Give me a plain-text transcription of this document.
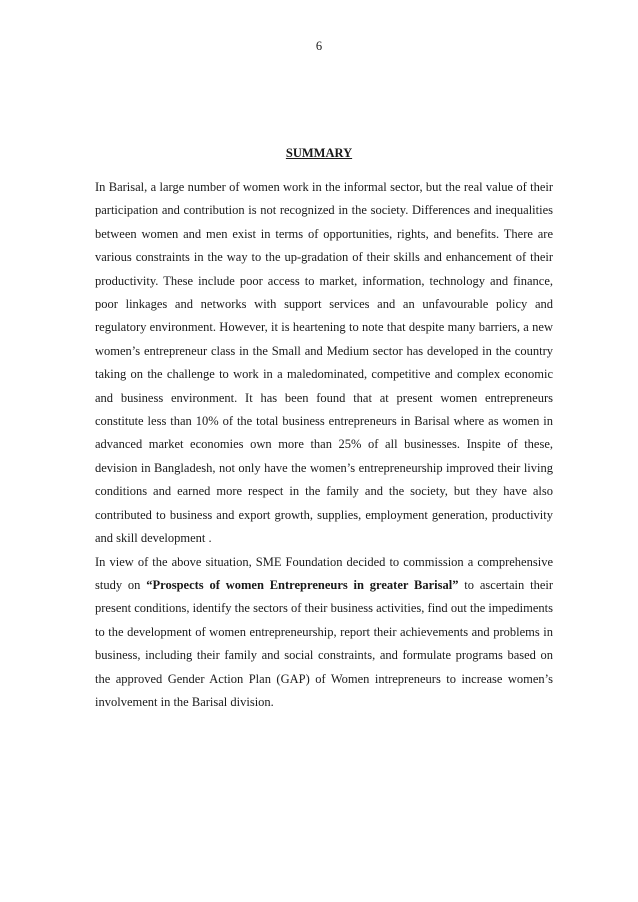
6
SUMMARY

In Barisal, a large number of women work in the informal sector, but the real value of their participation and contribution is not recognized in the society. Differences and inequalities between women and men exist in terms of opportunities, rights, and benefits. There are various constraints in the way to the up-gradation of their skills and enhancement of their productivity. These include poor access to market, information, technology and finance, poor linkages and networks with support services and an unfavourable policy and regulatory environment. However, it is heartening to note that despite many barriers, a new women’s entrepreneur class in the Small and Medium sector has developed in the country taking on the challenge to work in a maledominated, competitive and complex economic and business environment. It has been found that at present women entrepreneurs constitute less than 10% of the total business entrepreneurs in Barisal where as women in advanced market economies own more than 25% of all businesses. Inspite of these, devision in Bangladesh, not only have the women’s entrepreneurship improved their living conditions and earned more respect in the family and the society, but they have also contributed to business and export growth, supplies, employment generation, productivity and skill development .

In view of the above situation, SME Foundation decided to commission a comprehensive study on “Prospects of women Entrepreneurs in greater Barisal” to ascertain their present conditions, identify the sectors of their business activities, find out the impediments to the development of women entrepreneurship, report their achievements and problems in business, including their family and social constraints, and formulate programs based on the approved Gender Action Plan (GAP) of Women intrepreneurs to increase women’s involvement in the Barisal division.
